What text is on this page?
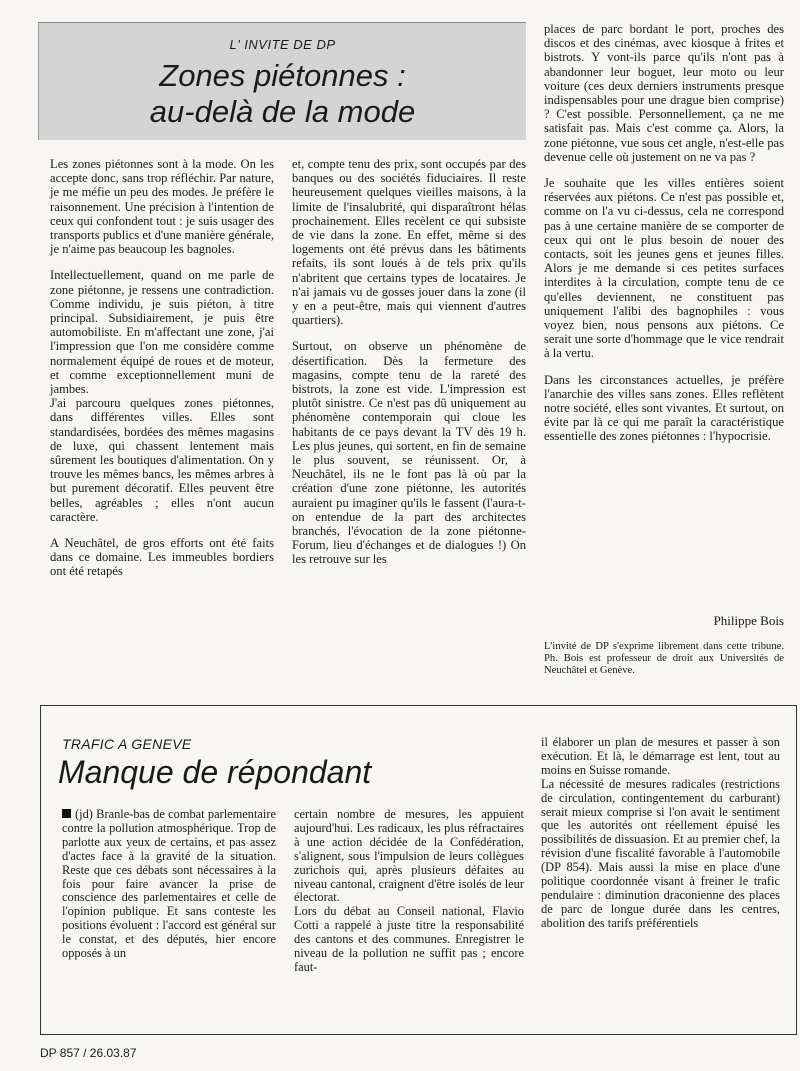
L' INVITE DE DP
Zones piétonnes :
au-delà de la mode

Les zones piétonnes sont à la mode. On les accepte donc, sans trop réfléchir. Par nature, je me méfie un peu des modes. Je préfère le raisonnement. Une précision à l'intention de ceux qui confondent tout : je suis usager des transports publics et d'une manière générale, je n'aime pas beaucoup les bagnoles.

Intellectuellement, quand on me parle de zone piétonne, je ressens une contradiction. Comme individu, je suis piéton, à titre principal. Subsidiairement, je puis être automobiliste. En m'affectant une zone, j'ai l'impression que l'on me considère comme normalement équipé de roues et de moteur, et comme exceptionnellement muni de jambes.

J'ai parcouru quelques zones piétonnes, dans différentes villes. Elles sont standardisées, bordées des mêmes magasins de luxe, qui chassent lentement mais sûrement les boutiques d'alimentation. On y trouve les mêmes bancs, les mêmes arbres à but purement décoratif. Elles peuvent être belles, agréables ; elles n'ont aucun caractère.

A Neuchâtel, de gros efforts ont été faits dans ce domaine. Les immeubles bordiers ont été retapés

et, compte tenu des prix, sont occupés par des banques ou des sociétés fiduciaires. Il reste heureusement quelques vieilles maisons, à la limite de l'insalubrité, qui disparaîtront hélas prochainement. Elles recèlent ce qui subsiste de vie dans la zone. En effet, même si des logements ont été prévus dans les bâtiments refaits, ils sont loués à de tels prix qu'ils n'abritent que certains types de locataires. Je n'ai jamais vu de gosses jouer dans la zone (il y en a peut-être, mais qui viennent d'autres quartiers).

Surtout, on observe un phénomène de désertification. Dès la fermeture des magasins, compte tenu de la rareté des bistrots, la zone est vide. L'impression est plutôt sinistre. Ce n'est pas dû uniquement au phénomène contemporain qui cloue les habitants de ce pays devant la TV dès 19 h. Les plus jeunes, qui sortent, en fin de semaine le plus souvent, se réunissent. Or, à Neuchâtel, ils ne le font pas là où par la création d'une zone piétonne, les autorités auraient pu imaginer qu'ils le fassent (l'aura-t-on entendue de la part des architectes branchés, l'évocation de la zone piétonne-Forum, lieu d'échanges et de dialogues !) On les retrouve sur les

places de parc bordant le port, proches des discos et des cinémas, avec kiosque à frites et bistrots. Y vont-ils parce qu'ils n'ont pas à abandonner leur boguet, leur moto ou leur voiture (ces deux derniers instruments presque indispensables pour une drague bien comprise) ? C'est possible. Personnellement, ça ne me satisfait pas. Mais c'est comme ça. Alors, la zone piétonne, vue sous cet angle, n'est-elle pas devenue celle où justement on ne va pas ?

Je souhaite que les villes entières soient réservées aux piétons. Ce n'est pas possible et, comme on l'a vu ci-dessus, cela ne correspond pas à une certaine manière de se comporter de ceux qui ont le plus besoin de nouer des contacts, soit les jeunes gens et jeunes filles. Alors je me demande si ces petites surfaces interdites à la circulation, compte tenu de ce qu'elles deviennent, ne constituent pas uniquement l'alibi des bagnophiles : vous voyez bien, nous pensons aux piétons. Ce serait une sorte d'hommage que le vice rendrait à la vertu.

Dans les circonstances actuelles, je préfère l'anarchie des villes sans zones. Elles reflètent notre société, elles sont vivantes. Et surtout, on évite par là ce qui me paraît la caractéristique essentielle des zones piétonnes : l'hypocrisie.

Philippe Bois
L'invité de DP s'exprime librement dans cette tribune. Ph. Bois est professeur de droit aux Universités de Neuchâtel et Genève.
TRAFIC A GENEVE
Manque de répondant

(jd) Branle-bas de combat parlementaire contre la pollution atmosphérique. Trop de parlotte aux yeux de certains, et pas assez d'actes face à la gravité de la situation. Reste que ces débats sont nécessaires à la fois pour faire avancer la prise de conscience des parlementaires et celle de l'opinion publique. Et sans conteste les positions évoluent : l'accord est général sur le constat, et des députés, hier encore opposés à un

certain nombre de mesures, les appuient aujourd'hui. Les radicaux, les plus réfractaires à une action décidée de la Confédération, s'alignent, sous l'impulsion de leurs collègues zurichois qui, après plusieurs défaites au niveau cantonal, craignent d'être isolés de leur électorat.

Lors du débat au Conseil national, Flavio Cotti a rappelé à juste titre la responsabilité des cantons et des communes. Enregistrer le niveau de la pollution ne suffit pas ; encore faut-

il élaborer un plan de mesures et passer à son exécution. Et là, le démarrage est lent, tout au moins en Suisse romande.

La nécessité de mesures radicales (restrictions de circulation, contingentement du carburant) serait mieux comprise si l'on avait le sentiment que les autorités ont réellement épuisé les possibilités de dissuasion. Et au premier chef, la révision d'une fiscalité favorable à l'automobile (DP 854). Mais aussi la mise en place d'une politique coordonnée visant à freiner le trafic pendulaire : diminution draconienne des places de parc de longue durée dans les centres, abolition des tarifs préférentiels

DP 857 / 26.03.87
